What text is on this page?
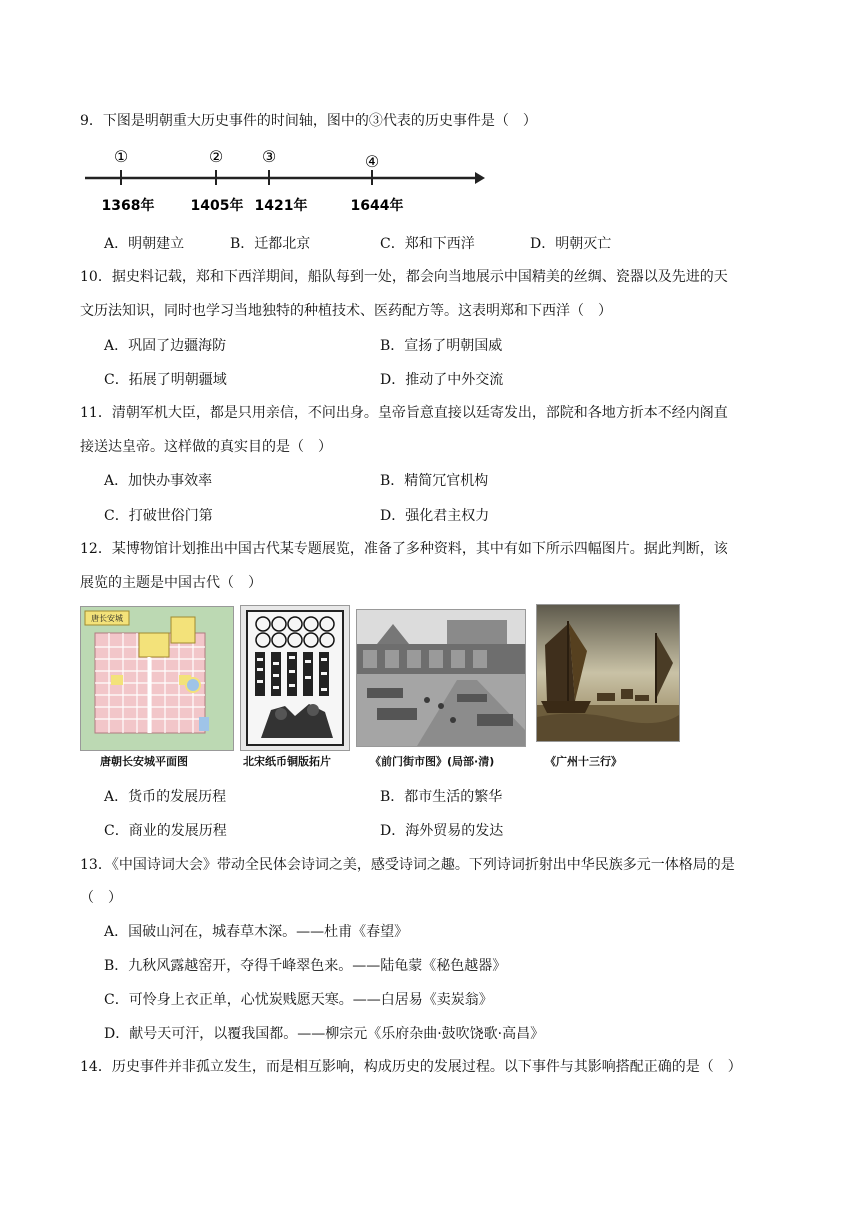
9．下图是明朝重大历史事件的时间轴，图中的③代表的历史事件是（　）
①	② ③	④
1368年	1405年 1421年	1644年
A．明朝建立	B．迁都北京	C．郑和下西洋	D．明朝灭亡
10．据史料记载，郑和下西洋期间，船队每到一处，都会向当地展示中国精美的丝绸、瓷器以及先进的天
文历法知识，同时也学习当地独特的种植技术、医药配方等。这表明郑和下西洋（　）
A．巩固了边疆海防	B．宣扬了明朝国威
C．拓展了明朝疆域	D．推动了中外交流
11．清朝军机大臣，都是只用亲信，不问出身。皇帝旨意直接以廷寄发出，部院和各地方折本不经内阁直
接送达皇帝。这样做的真实目的是（　）
A．加快办事效率	B．精简冗官机构
C．打破世俗门第	D．强化君主权力
12．某博物馆计划推出中国古代某专题展览，准备了多种资料，其中有如下所示四幅图片。据此判断，该
展览的主题是中国古代（　）
唐长安城
唐朝长安城平面图	北宋纸币铜版拓片	《前门街市图》(局部·清)	《广州十三行》
A．货币的发展历程	B．都市生活的繁华
C．商业的发展历程	D．海外贸易的发达
13．《中国诗词大会》带动全民体会诗词之美，感受诗词之趣。下列诗词折射出中华民族多元一体格局的是
（　）
A．国破山河在，城春草木深。——杜甫《春望》
B．九秋风露越窑开，夺得千峰翠色来。——陆龟蒙《秘色越器》
C．可怜身上衣正单，心忧炭贱愿天寒。——白居易《卖炭翁》
D．献号天可汗，以覆我国都。——柳宗元《乐府杂曲·鼓吹饶歌·高昌》
14．历史事件并非孤立发生，而是相互影响，构成历史的发展过程。以下事件与其影响搭配正确的是（　）
